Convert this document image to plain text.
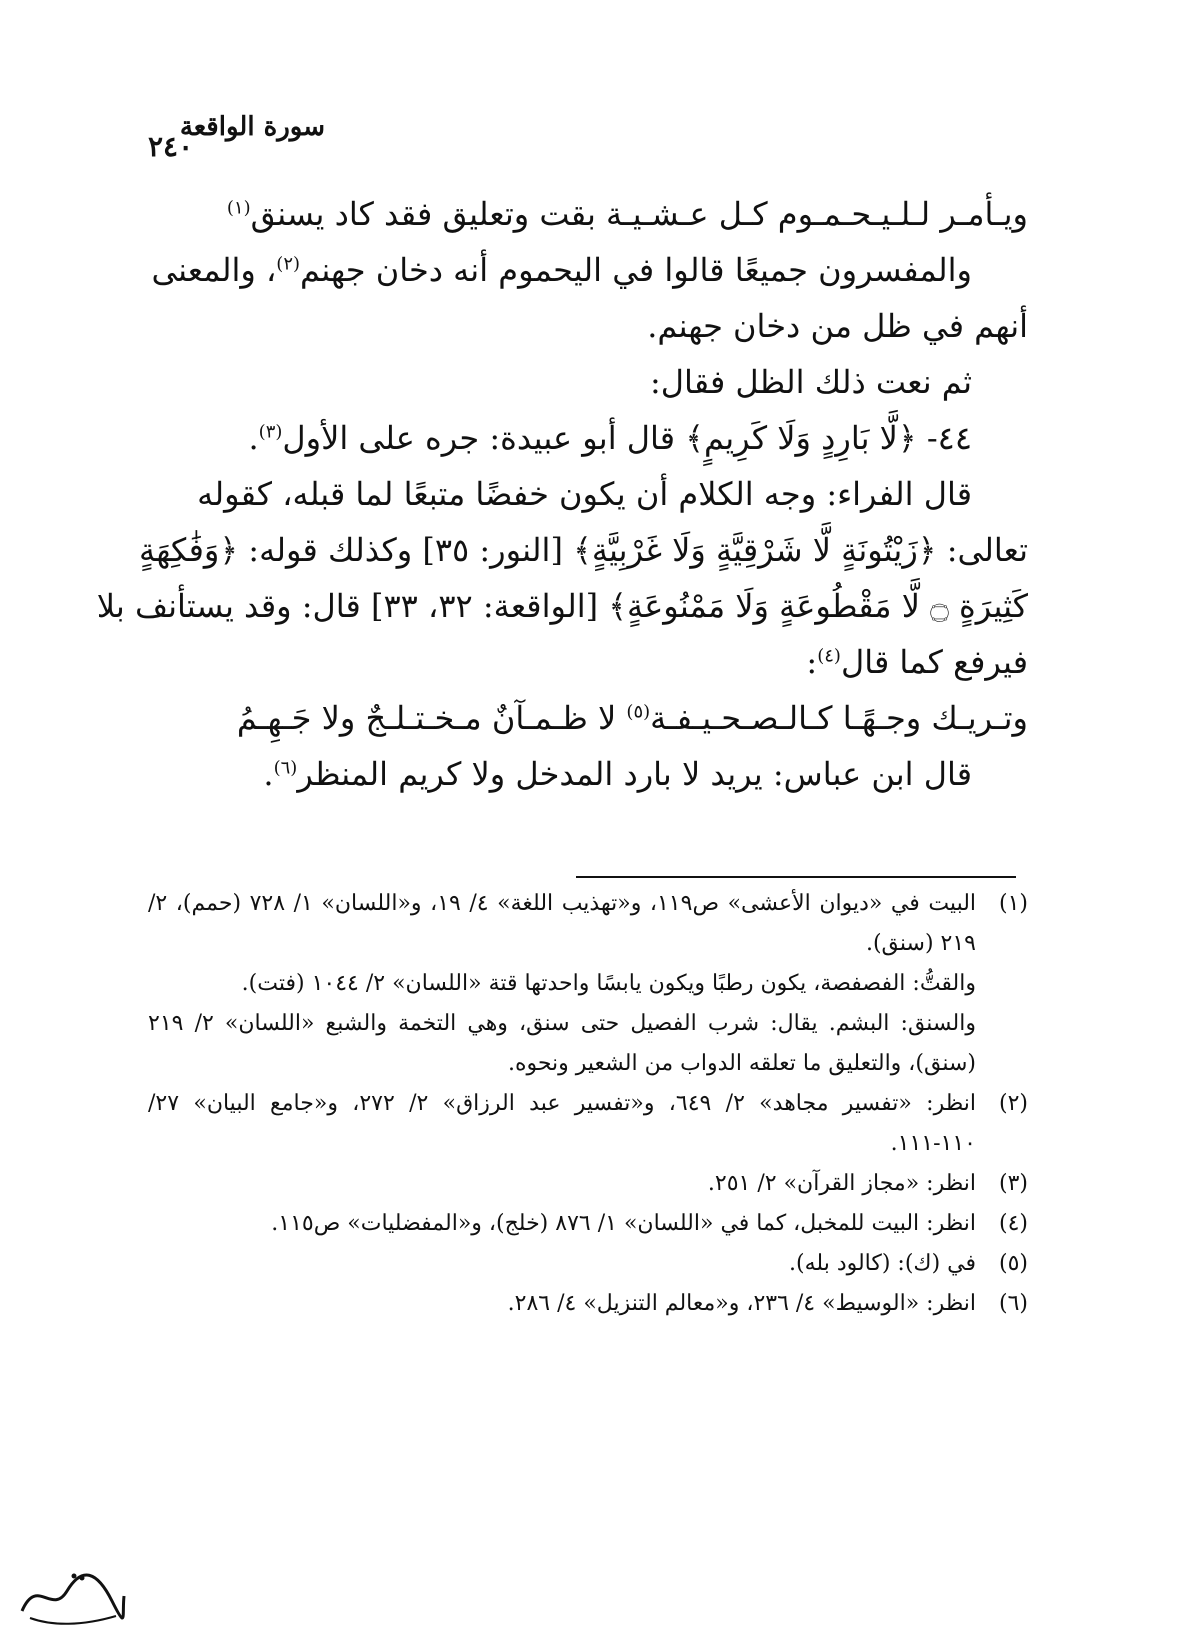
سورة الواقعة
٢٤٠
ويـأمـر لـلـيـحـمـوم كـل عـشـيـة بقت وتعليق فقد كاد يسنق$^{(١)}$
والمفسرون جميعًا قالوا في اليحموم أنه دخان جهنم$^{(٢)}$، والمعنى
أنهم في ظل من دخان جهنم.
ثم نعت ذلك الظل فقال:
٤٤- ﴿لَّا بَارِدٍ وَلَا كَرِيمٍ﴾ قال أبو عبيدة: جره على الأول$^{(٣)}$.
قال الفراء: وجه الكلام أن يكون خفضًا متبعًا لما قبله، كقوله
تعالى: ﴿زَيْتُونَةٍ لَّا شَرْقِيَّةٍ وَلَا غَرْبِيَّةٍ﴾ [النور: ٣٥] وكذلك قوله: ﴿وَفَٰكِهَةٍ
كَثِيرَةٍ ۝ لَّا مَقْطُوعَةٍ وَلَا مَمْنُوعَةٍ﴾ [الواقعة: ٣٢، ٣٣] قال: وقد يستأنف بلا
فيرفع كما قال$^{(٤)}$:
وتـريـك وجـهًـا كـالـصـحـيـفـة$^{(٥)}$ لا ظـمـآنٌ مـخـتـلـجٌ ولا جَـهِـمُ
قال ابن عباس: يريد لا بارد المدخل ولا كريم المنظر$^{(٦)}$.
(١)
البيت في «ديوان الأعشى» ص١١٩، و«تهذيب اللغة» ٤/ ١٩، و«اللسان» ١/ ٧٢٨ (حمم)، ٢/ ٢١٩ (سنق).
والقتُّ: الفصفصة، يكون رطبًا ويكون يابسًا واحدتها قتة «اللسان» ٢/ ١٠٤٤ (فتت).
والسنق: البشم. يقال: شرب الفصيل حتى سنق، وهي التخمة والشبع «اللسان» ٢/ ٢١٩ (سنق)، والتعليق ما تعلقه الدواب من الشعير ونحوه.
(٢)
انظر: «تفسير مجاهد» ٢/ ٦٤٩، و«تفسير عبد الرزاق» ٢/ ٢٧٢، و«جامع البيان» ٢٧/ ١١٠-١١١.
(٣)
انظر: «مجاز القرآن» ٢/ ٢٥١.
(٤)
انظر: البيت للمخبل، كما في «اللسان» ١/ ٨٧٦ (خلج)، و«المفضليات» ص١١٥.
(٥)
في (ك): (كالود بله).
(٦)
انظر: «الوسيط» ٤/ ٢٣٦، و«معالم التنزيل» ٤/ ٢٨٦.
